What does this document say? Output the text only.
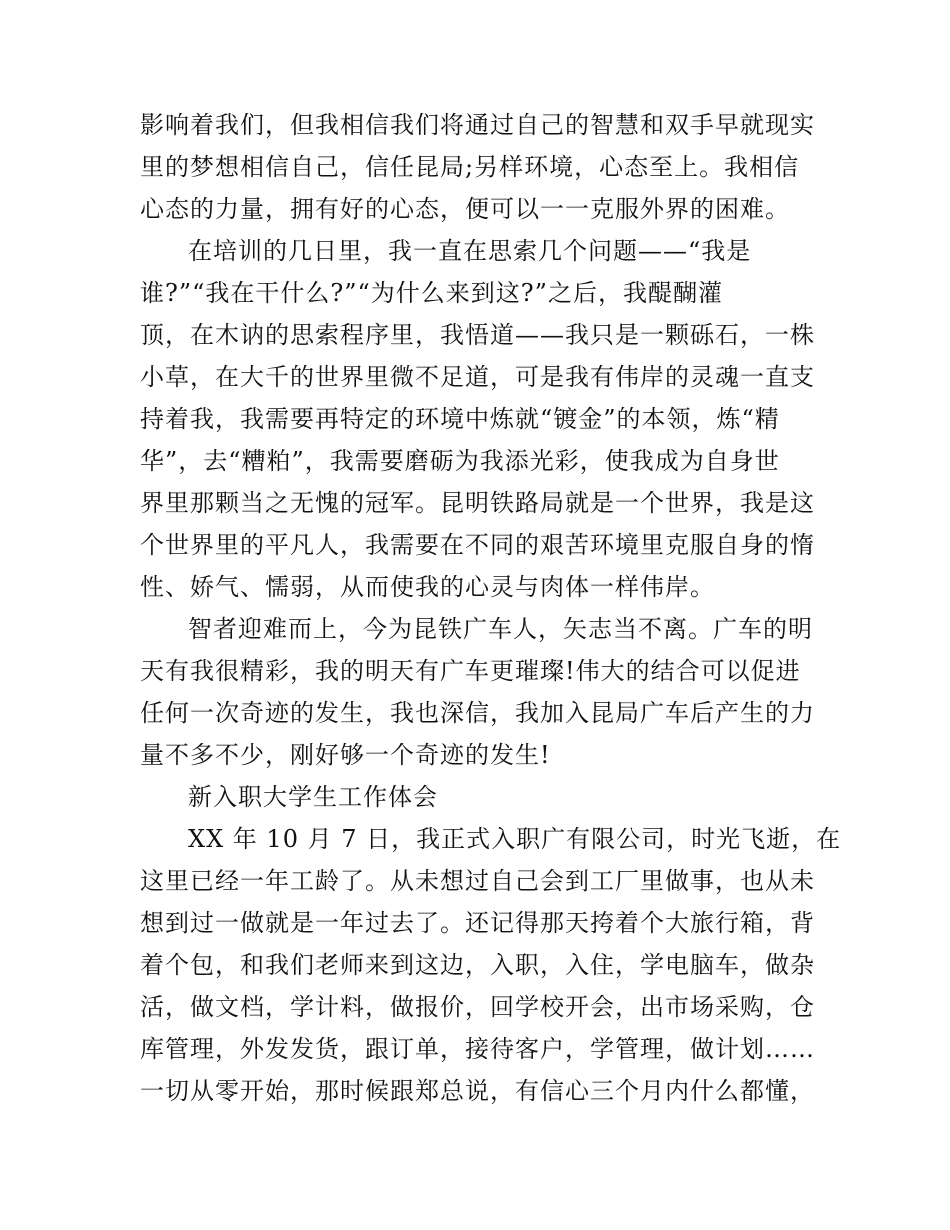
影响着我们，但我相信我们将通过自己的智慧和双手早就现实
里的梦想相信自己，信任昆局;另样环境，心态至上。我相信
心态的力量，拥有好的心态，便可以一一克服外界的困难。
在培训的几日里，我一直在思索几个问题——“我是
谁?”“我在干什么?”“为什么来到这?”之后，我醍醐灌
顶，在木讷的思索程序里，我悟道——我只是一颗砾石，一株
小草，在大千的世界里微不足道，可是我有伟岸的灵魂一直支
持着我，我需要再特定的环境中炼就“镀金”的本领，炼“精
华”，去“糟粕”，我需要磨砺为我添光彩，使我成为自身世
界里那颗当之无愧的冠军。昆明铁路局就是一个世界，我是这
个世界里的平凡人，我需要在不同的艰苦环境里克服自身的惰
性、娇气、懦弱，从而使我的心灵与肉体一样伟岸。
智者迎难而上，今为昆铁广车人，矢志当不离。广车的明
天有我很精彩，我的明天有广车更璀璨!伟大的结合可以促进
任何一次奇迹的发生，我也深信，我加入昆局广车后产生的力
量不多不少，刚好够一个奇迹的发生!
新入职大学生工作体会
XX 年 10 月 7 日，我正式入职广有限公司，时光飞逝，在
这里已经一年工龄了。从未想过自己会到工厂里做事，也从未
想到过一做就是一年过去了。还记得那天挎着个大旅行箱，背
着个包，和我们老师来到这边，入职，入住，学电脑车，做杂
活，做文档，学计料，做报价，回学校开会，出市场采购，仓
库管理，外发发货，跟订单，接待客户，学管理，做计划……
一切从零开始，那时候跟郑总说，有信心三个月内什么都懂，
